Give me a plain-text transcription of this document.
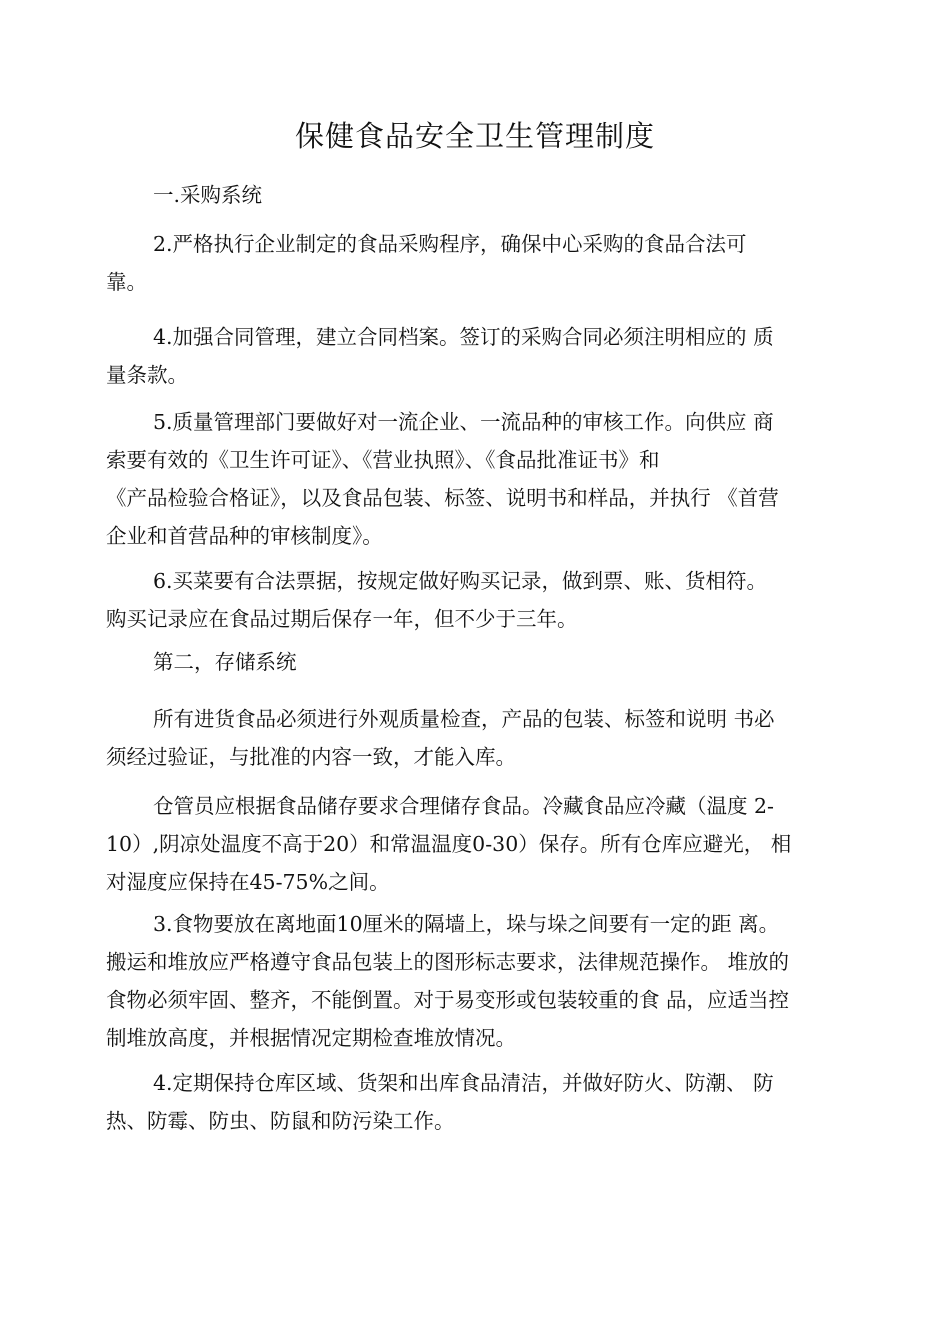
保健食品安全卫生管理制度
一.采购系统
2.严格执行企业制定的食品采购程序，确保中心采购的食品合法可
靠。
4.加强合同管理，建立合同档案。签订的采购合同必须注明相应的 质
量条款。
5.质量管理部门要做好对一流企业、一流品种的审核工作。向供应 商
索要有效的《卫生许可证》、《营业执照》、《食品批准证书》和
《产品检验合格证》，以及食品包装、标签、说明书和样品，并执行 《首营
企业和首营品种的审核制度》。
6.买菜要有合法票据，按规定做好购买记录，做到票、账、货相符。
购买记录应在食品过期后保存一年，但不少于三年。
第二，存储系统
所有进货食品必须进行外观质量检查，产品的包装、标签和说明 书必
须经过验证，与批准的内容一致，才能入库。
仓管员应根据食品储存要求合理储存食品。冷藏食品应冷藏（温度 2-
10）,阴凉处温度不高于20）和常温温度0-30）保存。所有仓库应避光， 相
对湿度应保持在45-75%之间。
3.食物要放在离地面10厘米的隔墙上，垛与垛之间要有一定的距 离。
搬运和堆放应严格遵守食品包装上的图形标志要求，法律规范操作。 堆放的
食物必须牢固、整齐，不能倒置。对于易变形或包装较重的食 品，应适当控
制堆放高度，并根据情况定期检查堆放情况。
4.定期保持仓库区域、货架和出库食品清洁，并做好防火、防潮、 防
热、防霉、防虫、防鼠和防污染工作。
